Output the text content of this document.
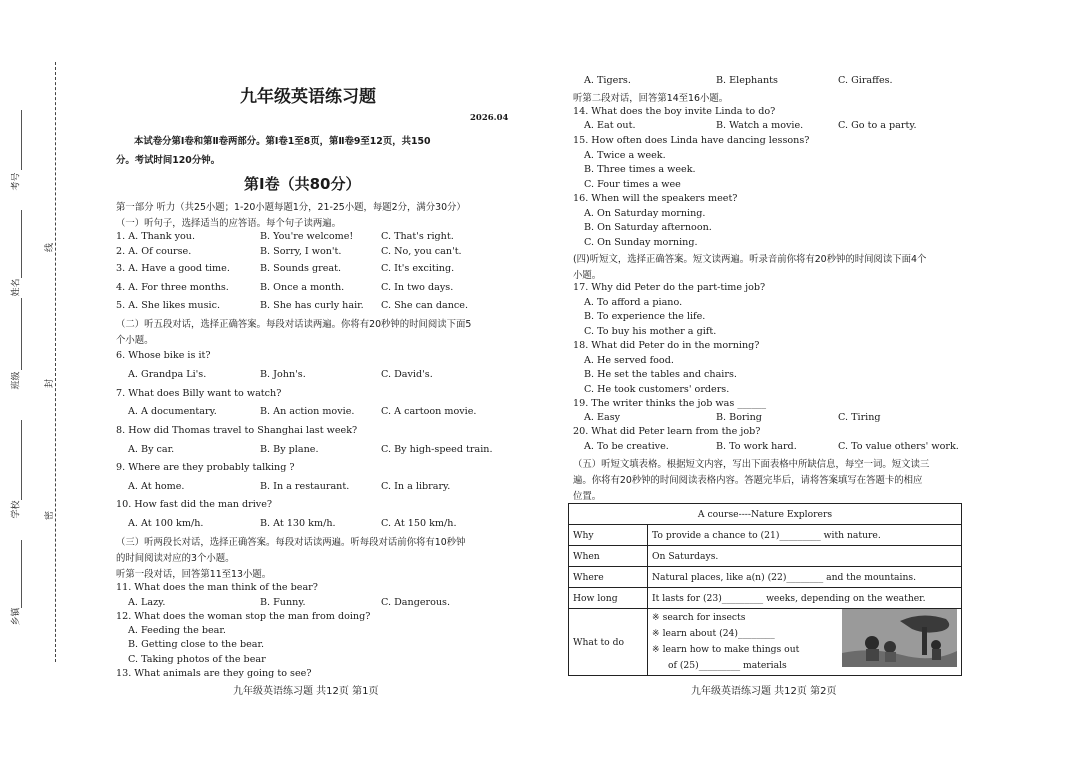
考号
姓名
班级
学校
乡镇
线
封
密
九年级英语练习题
2026.04
本试卷分第Ⅰ卷和第Ⅱ卷两部分。第Ⅰ卷1至8页，第Ⅱ卷9至12页，共150
分。考试时间120分钟。
第Ⅰ卷（共80分）
第一部分 听力（共25小题；1-20小题每题1分，21-25小题，每题2分，满分30分）
（一）听句子，选择适当的应答语。每个句子读两遍。
1. A. Thank you.	B. You're welcome!	C. That's right.
2. A. Of course.	B. Sorry, I won't.	C. No, you can't.
3. A. Have a good time.	B. Sounds great.	C. It's exciting.
4. A. For three months.	B. Once a month.	C. In two days.
5. A. She likes music.	B. She has curly hair. C. She can dance.
（二）听五段对话，选择正确答案。每段对话读两遍。你将有20秒钟的时间阅读下面5
个小题。
6. Whose bike is it?
A. Grandpa Li's.	B. John's.	C. David's.
7. What does Billy want to watch?
A. A documentary.	B. An action movie.	C. A cartoon movie.
8. How did Thomas travel to Shanghai last week?
A. By car.	B. By plane.	C. By high-speed train.
9. Where are they probably talking ?
A. At home.	B. In a restaurant.	C. In a library.
10. How fast did the man drive?
A. At 100 km/h.	B. At 130 km/h.	C. At 150 km/h.
（三）听两段长对话，选择正确答案。每段对话读两遍。听每段对话前你将有10秒钟
的时间阅读对应的3个小题。
听第一段对话，回答第11至13小题。
11. What does the man think of the bear?
A. Lazy.	B. Funny.	C. Dangerous.
12. What does the woman stop the man from doing?
A. Feeding the bear.
B. Getting close to the bear.
C. Taking photos of the bear
13. What animals are they going to see?
九年级英语练习题 共12页 第1页
A. Tigers.	B. Elephants	C. Giraffes.
听第二段对话，回答第14至16小题。
14. What does the boy invite Linda to do?
A. Eat out.	B. Watch a movie.	C. Go to a party.
15. How often does Linda have dancing lessons?
A. Twice a week.
B. Three times a week.
C. Four times a wee
16. When will the speakers meet?
A. On Saturday morning.
B. On Saturday afternoon.
C. On Sunday morning.
(四)听短文，选择正确答案。短文读两遍。听录音前你将有20秒钟的时间阅读下面4个
小题。
17. Why did Peter do the part-time job?
A. To afford a piano.
B. To experience the life.
C. To buy his mother a gift.
18. What did Peter do in the morning?
A. He served food.
B. He set the tables and chairs.
C. He took customers' orders.
19. The writer thinks the job was ______
A. Easy	B. Boring	C. Tiring
20. What did Peter learn from the job?
A. To be creative.	B. To work hard.	C. To value others' work.
（五）听短文填表格。根据短文内容，写出下面表格中所缺信息，每空一词。短文读三
遍。你将有20秒钟的时间阅读表格内容。答题完毕后，请将答案填写在答题卡的相应
位置。
A course----Nature Explorers	
Why	To provide a chance to (21)_________ with nature.
When	On Saturdays.
Where	Natural places, like a(n) (22)________ and the mountains.
How long	It lasts for (23)_________ weeks, depending on the weather.
What to do	※ search for insects
※ learn about (24)________
※ learn how to make things out
of (25)_________ materials
九年级英语练习题 共12页 第2页
